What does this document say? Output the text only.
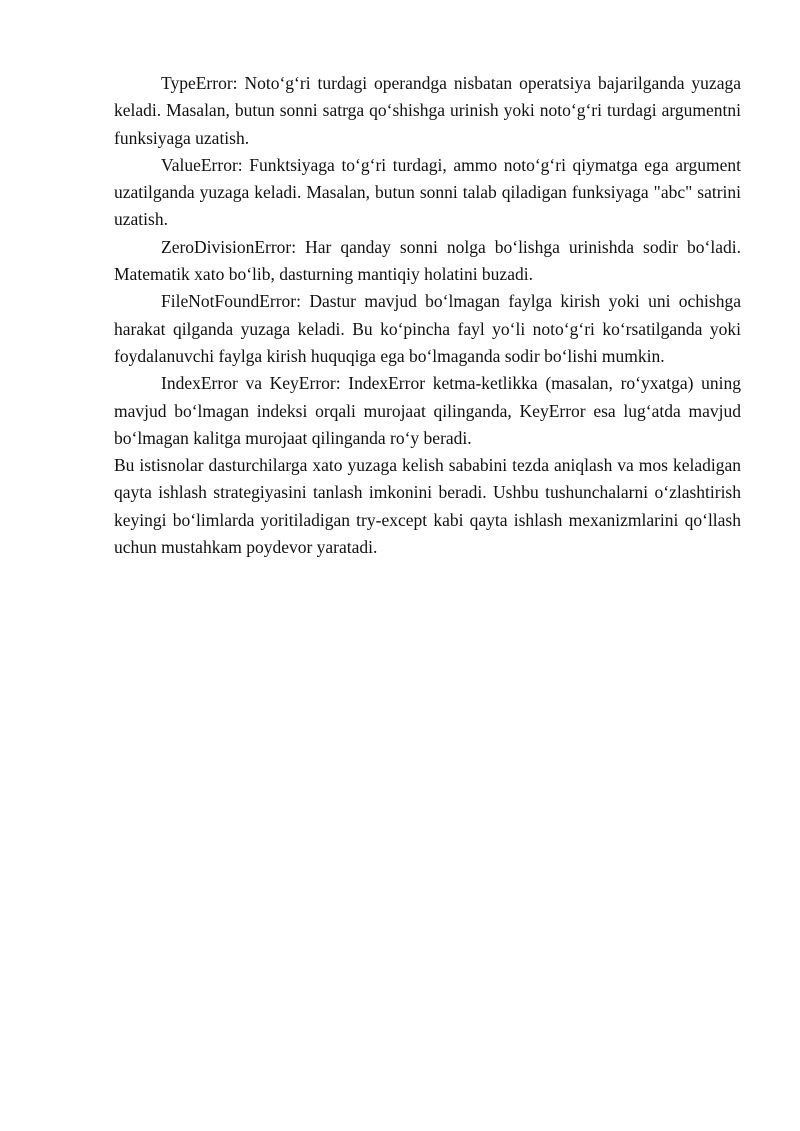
TypeError: Noto‘g‘ri turdagi operandga nisbatan operatsiya bajarilganda yuzaga keladi. Masalan, butun sonni satrga qo‘shishga urinish yoki noto‘g‘ri turdagi argumentni funksiyaga uzatish.

ValueError: Funktsiyaga to‘g‘ri turdagi, ammo noto‘g‘ri qiymatga ega argument uzatilganda yuzaga keladi. Masalan, butun sonni talab qiladigan funksiyaga "abc" satrini uzatish.

ZeroDivisionError: Har qanday sonni nolga bo‘lishga urinishda sodir bo‘ladi. Matematik xato bo‘lib, dasturning mantiqiy holatini buzadi.

FileNotFoundError: Dastur mavjud bo‘lmagan faylga kirish yoki uni ochishga harakat qilganda yuzaga keladi. Bu ko‘pincha fayl yo‘li noto‘g‘ri ko‘rsatilganda yoki foydalanuvchi faylga kirish huquqiga ega bo‘lmaganda sodir bo‘lishi mumkin.

IndexError va KeyError: IndexError ketma-ketlikka (masalan, ro‘yxatga) uning mavjud bo‘lmagan indeksi orqali murojaat qilinganda, KeyError esa lug‘atda mavjud bo‘lmagan kalitga murojaat qilinganda ro‘y beradi.

Bu istisnolar dasturchilarga xato yuzaga kelish sababini tezda aniqlash va mos keladigan qayta ishlash strategiyasini tanlash imkonini beradi. Ushbu tushunchalarni o‘zlashtirish keyingi bo‘limlarda yoritiladigan try-except kabi qayta ishlash mexanizmlarini qo‘llash uchun mustahkam poydevor yaratadi.
